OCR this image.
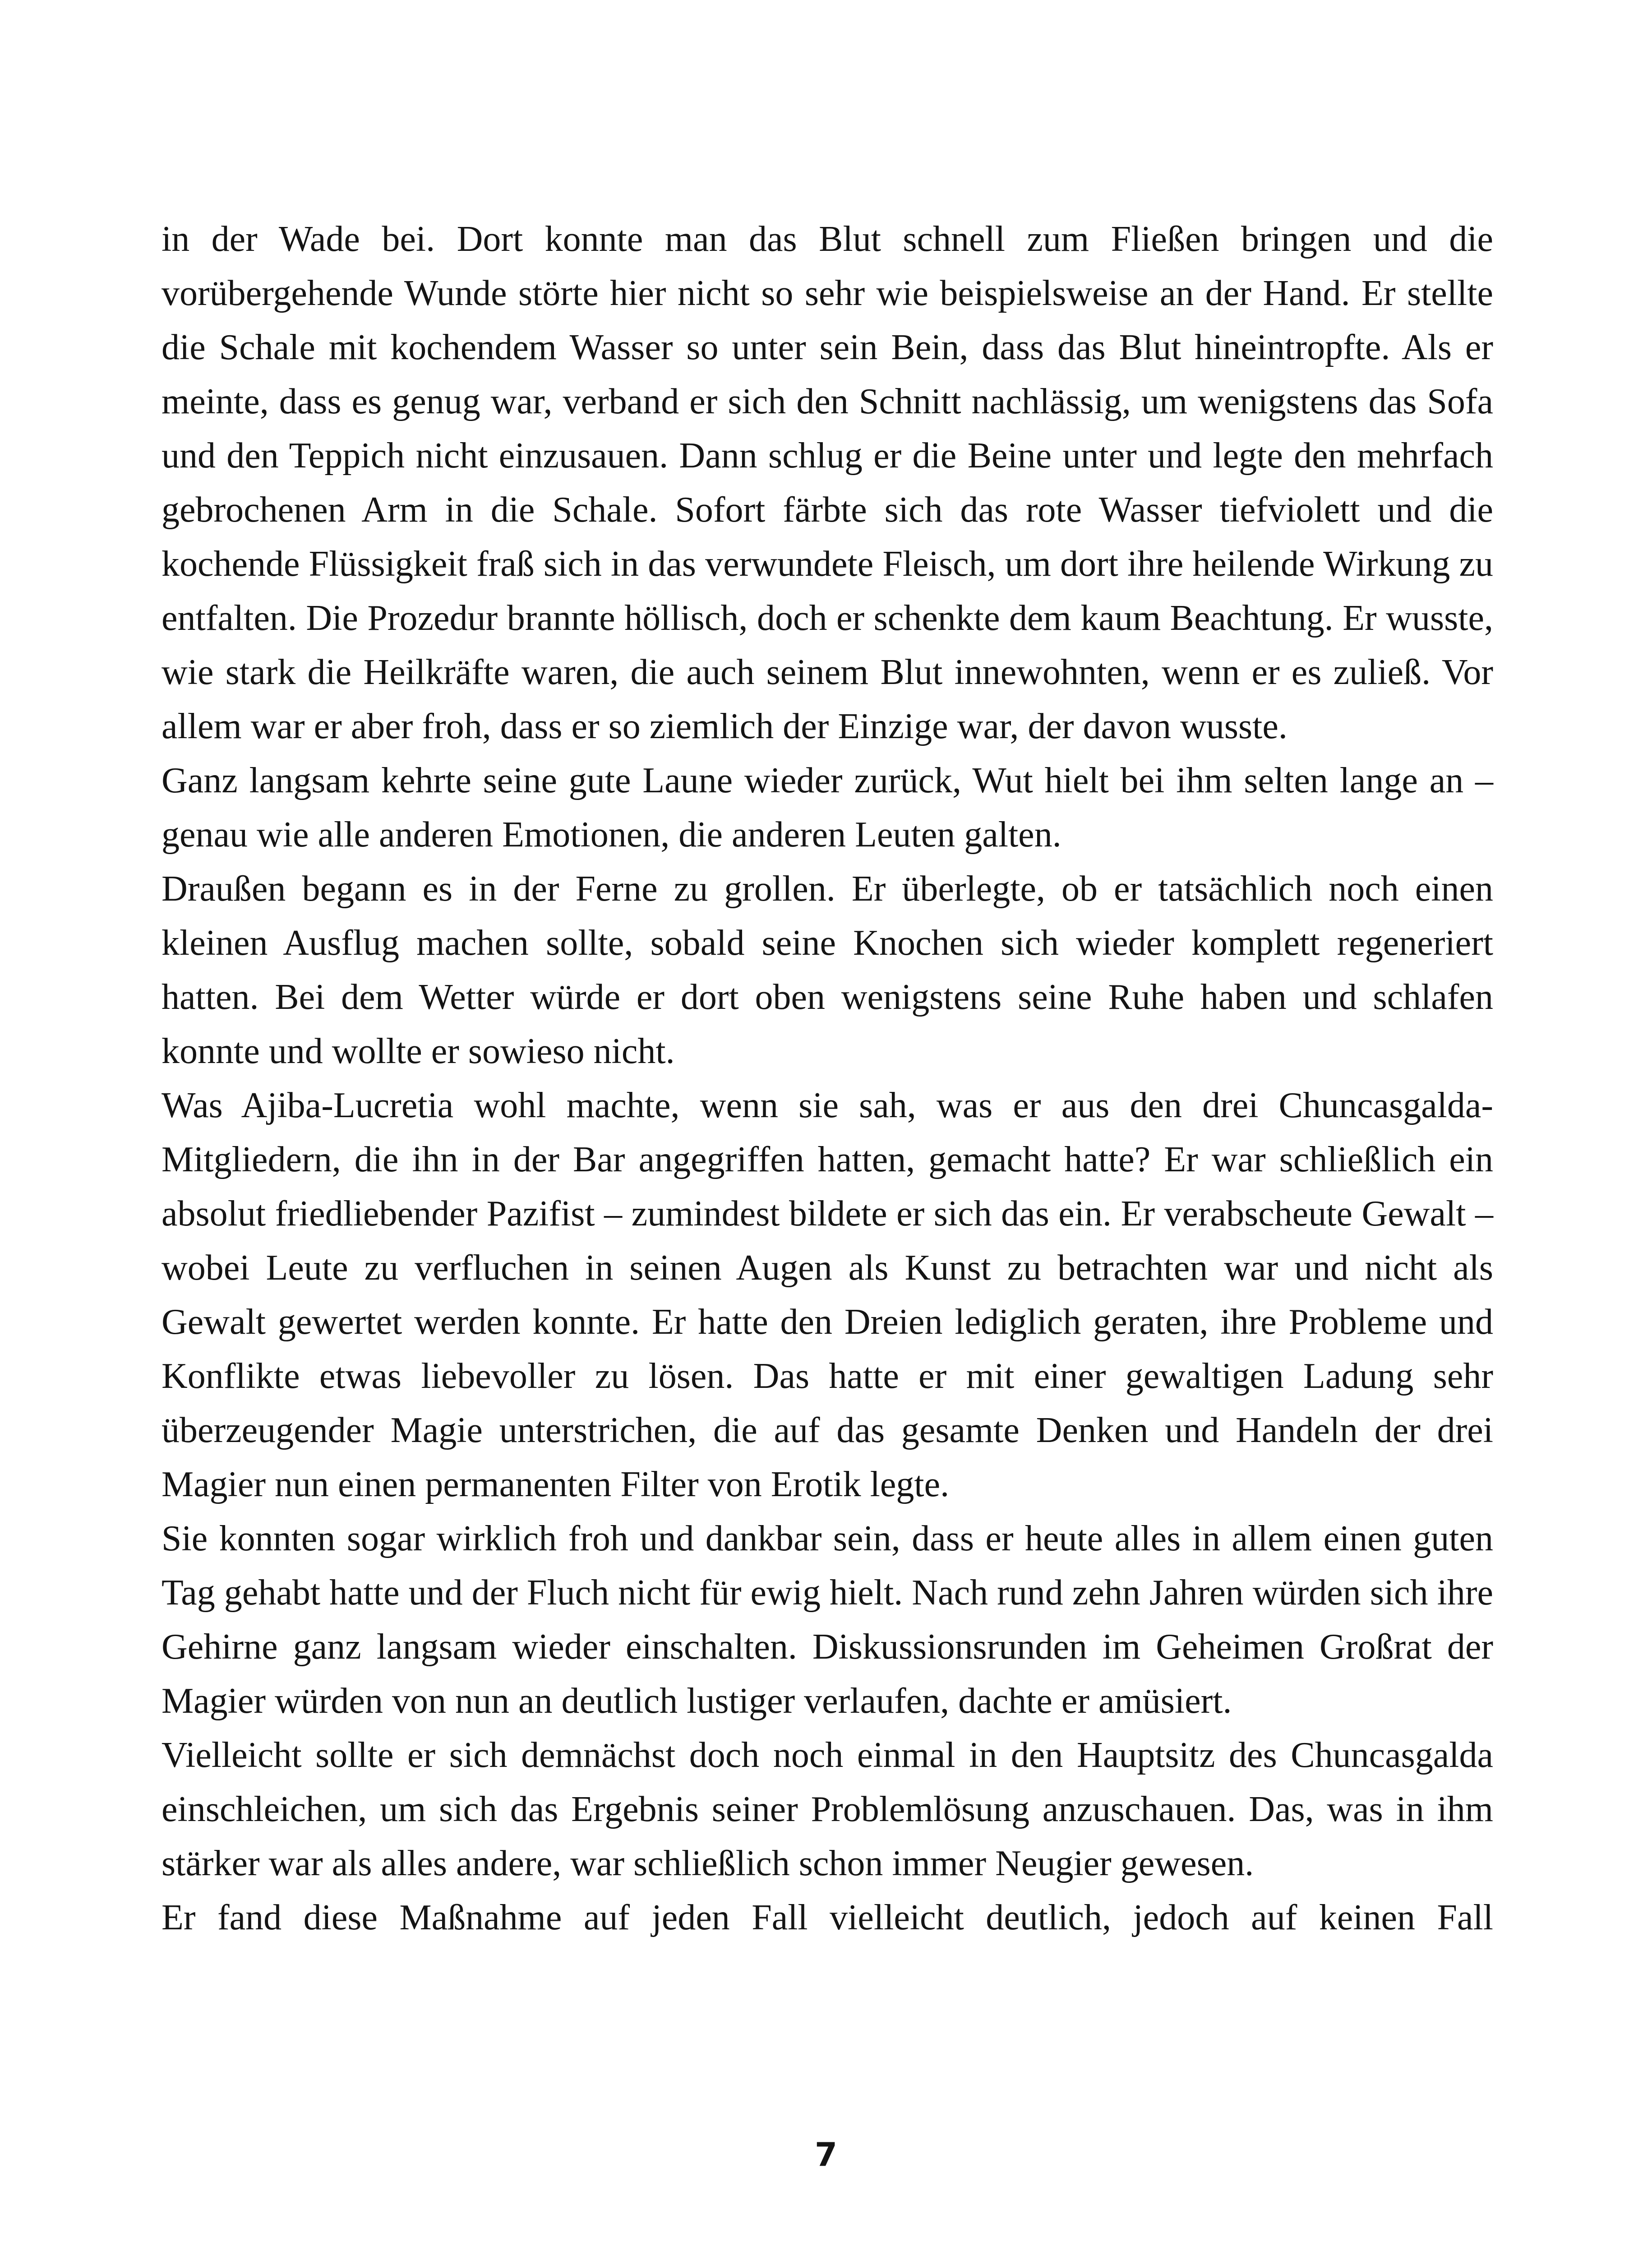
in der Wade bei. Dort konnte man das Blut schnell zum Fließen bringen und die vorübergehende Wunde störte hier nicht so sehr wie beispielsweise an der Hand. Er stellte die Schale mit kochendem Wasser so unter sein Bein, dass das Blut hineintropfte. Als er meinte, dass es genug war, verband er sich den Schnitt nachlässig, um wenigstens das Sofa und den Teppich nicht einzusauen. Dann schlug er die Beine unter und legte den mehrfach gebrochenen Arm in die Schale. Sofort färbte sich das rote Wasser tiefviolett und die kochende Flüssigkeit fraß sich in das verwundete Fleisch, um dort ihre heilende Wirkung zu entfalten. Die Prozedur brannte höllisch, doch er schenkte dem kaum Beachtung. Er wusste, wie stark die Heilkräfte waren, die auch seinem Blut innewohnten, wenn er es zuließ. Vor allem war er aber froh, dass er so ziemlich der Einzige war, der davon wusste.

Ganz langsam kehrte seine gute Laune wieder zurück, Wut hielt bei ihm selten lange an – genau wie alle anderen Emotionen, die anderen Leuten galten.

Draußen begann es in der Ferne zu grollen. Er überlegte, ob er tatsächlich noch einen kleinen Ausflug machen sollte, sobald seine Knochen sich wieder komplett regeneriert hatten. Bei dem Wetter würde er dort oben wenigstens seine Ruhe haben und schlafen konnte und wollte er sowieso nicht.

Was Ajiba-Lucretia wohl machte, wenn sie sah, was er aus den drei Chuncasgalda-Mitgliedern, die ihn in der Bar angegriffen hatten, gemacht hatte? Er war schließlich ein absolut friedliebender Pazifist – zumindest bildete er sich das ein. Er verabscheute Gewalt – wobei Leute zu verfluchen in seinen Augen als Kunst zu betrachten war und nicht als Gewalt gewertet werden konnte. Er hatte den Dreien lediglich geraten, ihre Probleme und Konflikte etwas liebevoller zu lösen. Das hatte er mit einer gewaltigen Ladung sehr überzeugender Magie unterstrichen, die auf das gesamte Denken und Handeln der drei Magier nun einen permanenten Filter von Erotik legte.

Sie konnten sogar wirklich froh und dankbar sein, dass er heute alles in allem einen guten Tag gehabt hatte und der Fluch nicht für ewig hielt. Nach rund zehn Jahren würden sich ihre Gehirne ganz langsam wieder einschalten. Diskussionsrunden im Geheimen Großrat der Magier würden von nun an deutlich lustiger verlaufen, dachte er amüsiert.

Vielleicht sollte er sich demnächst doch noch einmal in den Hauptsitz des Chuncasgalda einschleichen, um sich das Ergebnis seiner Problemlösung anzuschauen. Das, was in ihm stärker war als alles andere, war schließlich schon immer Neugier gewesen.

Er fand diese Maßnahme auf jeden Fall vielleicht deutlich, jedoch auf keinen Fall

7
